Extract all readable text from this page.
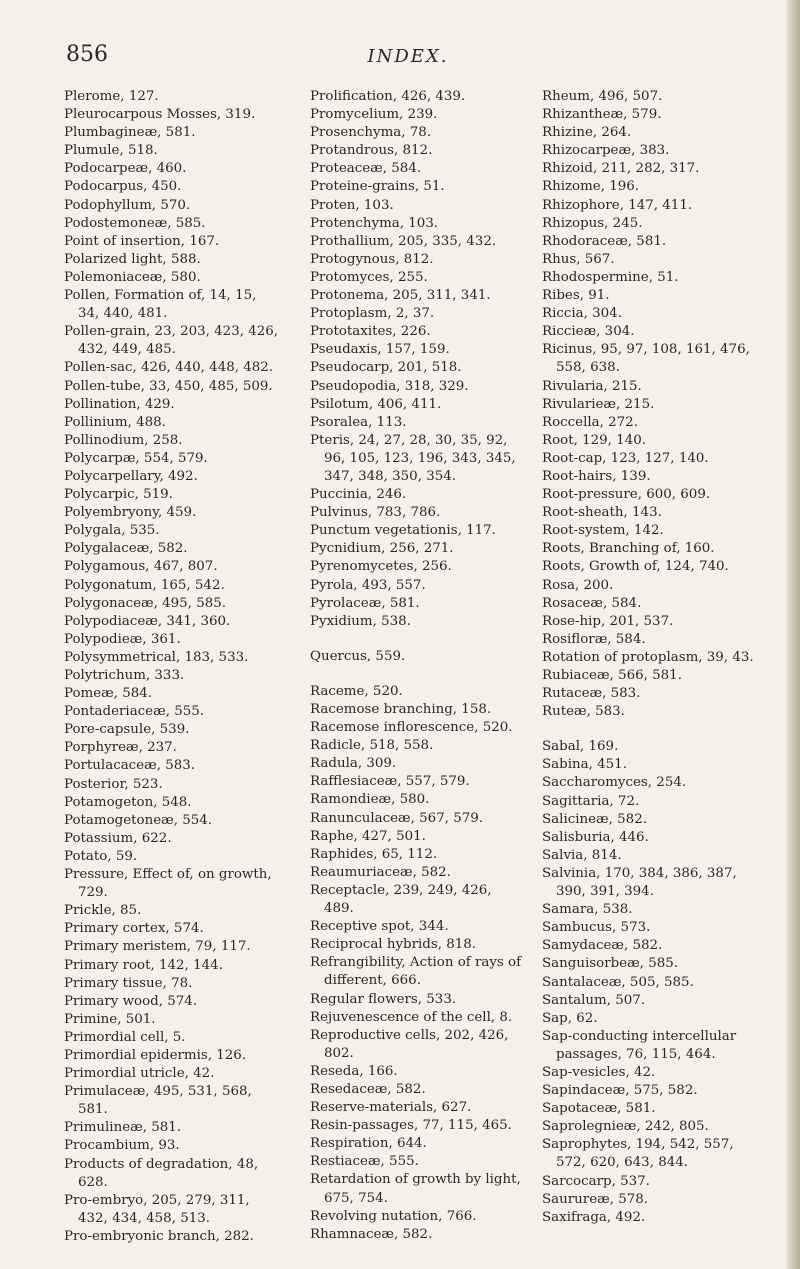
856	INDEX.
Plerome, 127.
Pleurocarpous Mosses, 319.
Plumbagineæ, 581.
Plumule, 518.
Podocarpeæ, 460.
Podocarpus, 450.
Podophyllum, 570.
Podostemoneæ, 585.
Point of insertion, 167.
Polarized light, 588.
Polemoniaceæ, 580.
Pollen, Formation of, 14, 15, 34, 440, 481.
Pollen-grain, 23, 203, 423, 426, 432, 449, 485.
Pollen-sac, 426, 440, 448, 482.
Pollen-tube, 33, 450, 485, 509.
Pollination, 429.
Pollinium, 488.
Pollinodium, 258.
Polycarpæ, 554, 579.
Polycarpellary, 492.
Polycarpic, 519.
Polyembryony, 459.
Polygala, 535.
Polygalaceæ, 582.
Polygamous, 467, 807.
Polygonatum, 165, 542.
Polygonaceæ, 495, 585.
Polypodiaceæ, 341, 360.
Polypodieæ, 361.
Polysymmetrical, 183, 533.
Polytrichum, 333.
Pomeæ, 584.
Pontaderiaceæ, 555.
Pore-capsule, 539.
Porphyreæ, 237.
Portulacaceæ, 583.
Posterior, 523.
Potamogeton, 548.
Potamogetoneæ, 554.
Potassium, 622.
Potato, 59.
Pressure, Effect of, on growth, 729.
Prickle, 85.
Primary cortex, 574.
Primary meristem, 79, 117.
Primary root, 142, 144.
Primary tissue, 78.
Primary wood, 574.
Primine, 501.
Primordial cell, 5.
Primordial epidermis, 126.
Primordial utricle, 42.
Primulaceæ, 495, 531, 568, 581.
Primulineæ, 581.
Procambium, 93.
Products of degradation, 48, 628.
Pro-embryo, 205, 279, 311, 432, 434, 458, 513.
Pro-embryonic branch, 282.
Prolification, 426, 439.
Promycelium, 239.
Prosenchyma, 78.
Protandrous, 812.
Proteaceæ, 584.
Proteine-grains, 51.
Proten, 103.
Protenchyma, 103.
Prothallium, 205, 335, 432.
Protogynous, 812.
Protomyces, 255.
Protonema, 205, 311, 341.
Protoplasm, 2, 37.
Prototaxites, 226.
Pseudaxis, 157, 159.
Pseudocarp, 201, 518.
Pseudopodia, 318, 329.
Psilotum, 406, 411.
Psoralea, 113.
Pteris, 24, 27, 28, 30, 35, 92, 96, 105, 123, 196, 343, 345, 347, 348, 350, 354.
Puccinia, 246.
Pulvinus, 783, 786.
Punctum vegetationis, 117.
Pycnidium, 256, 271.
Pyrenomycetes, 256.
Pyrola, 493, 557.
Pyrolaceæ, 581.
Pyxidium, 538.
Quercus, 559.
Raceme, 520.
Racemose branching, 158.
Racemose inflorescence, 520.
Radicle, 518, 558.
Radula, 309.
Rafflesiaceæ, 557, 579.
Ramondieæ, 580.
Ranunculaceæ, 567, 579.
Raphe, 427, 501.
Raphides, 65, 112.
Reaumuriaceæ, 582.
Receptacle, 239, 249, 426, 489.
Receptive spot, 344.
Reciprocal hybrids, 818.
Refrangibility, Action of rays of different, 666.
Regular flowers, 533.
Rejuvenescence of the cell, 8.
Reproductive cells, 202, 426, 802.
Reseda, 166.
Resedaceæ, 582.
Reserve-materials, 627.
Resin-passages, 77, 115, 465.
Respiration, 644.
Restiaceæ, 555.
Retardation of growth by light, 675, 754.
Revolving nutation, 766.
Rhamnaceæ, 582.
Rheum, 496, 507.
Rhizantheæ, 579.
Rhizine, 264.
Rhizocarpeæ, 383.
Rhizoid, 211, 282, 317.
Rhizome, 196.
Rhizophore, 147, 411.
Rhizopus, 245.
Rhodoraceæ, 581.
Rhus, 567.
Rhodospermine, 51.
Ribes, 91.
Riccia, 304.
Riccieæ, 304.
Ricinus, 95, 97, 108, 161, 476, 558, 638.
Rivularia, 215.
Rivularieæ, 215.
Roccella, 272.
Root, 129, 140.
Root-cap, 123, 127, 140.
Root-hairs, 139.
Root-pressure, 600, 609.
Root-sheath, 143.
Root-system, 142.
Roots, Branching of, 160.
Roots, Growth of, 124, 740.
Rosa, 200.
Rosaceæ, 584.
Rose-hip, 201, 537.
Rosifloræ, 584.
Rotation of protoplasm, 39, 43.
Rubiaceæ, 566, 581.
Rutaceæ, 583.
Ruteæ, 583.
Sabal, 169.
Sabina, 451.
Saccharomyces, 254.
Sagittaria, 72.
Salicineæ, 582.
Salisburia, 446.
Salvia, 814.
Salvinia, 170, 384, 386, 387, 390, 391, 394.
Samara, 538.
Sambucus, 573.
Samydaceæ, 582.
Sanguisorbeæ, 585.
Santalaceæ, 505, 585.
Santalum, 507.
Sap, 62.
Sap-conducting intercellular passages, 76, 115, 464.
Sap-vesicles, 42.
Sapindaceæ, 575, 582.
Sapotaceæ, 581.
Saprolegnieæ, 242, 805.
Saprophytes, 194, 542, 557, 572, 620, 643, 844.
Sarcocarp, 537.
Saurureæ, 578.
Saxifraga, 492.
